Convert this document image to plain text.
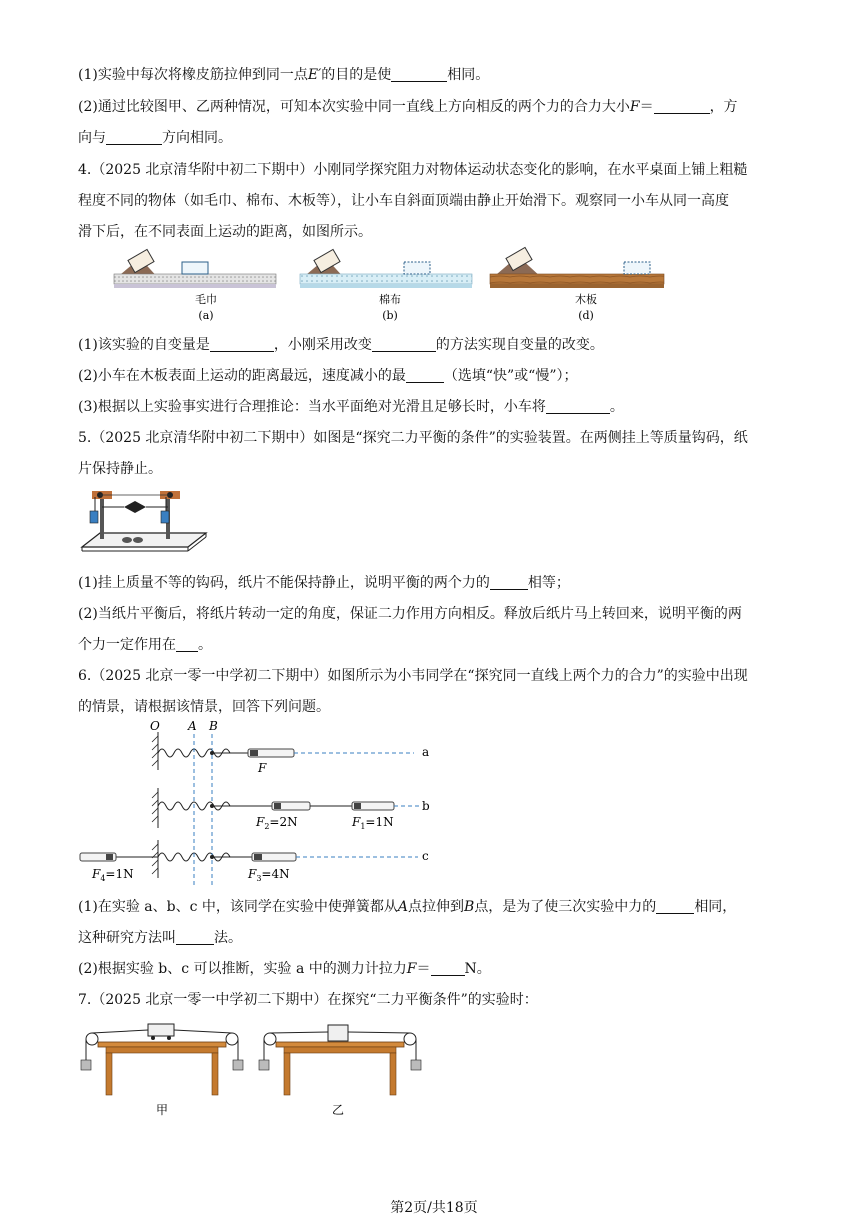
(1)实验中每次将橡皮筋拉伸到同一点E′的目的是使	相同。
(2)通过比较图甲、乙两种情况，可知本次实验中同一直线上方向相反的两个力的合力大小F＝	，方
向与	方向相同。
4.（2025 北京清华附中初二下期中）小刚同学探究阻力对物体运动状态变化的影响，在水平桌面上铺上粗糙
程度不同的物体（如毛巾、棉布、木板等），让小车自斜面顶端由静止开始滑下。观察同一小车从同一高度
滑下后，在不同表面上运动的距离，如图所示。
毛巾
(a)
棉布
(b)
木板
(d)
(1)该实验的自变量是	，小刚采用改变	的方法实现自变量的改变。
(2)小车在木板表面上运动的距离最远，速度减小的最	（选填“快”或“慢”）；
(3)根据以上实验事实进行合理推论：当水平面绝对光滑且足够长时，小车将	。
5.（2025 北京清华附中初二下期中）如图是“探究二力平衡的条件”的实验装置。在两侧挂上等质量钩码，纸
片保持静止。
(1)挂上质量不等的钩码，纸片不能保持静止，说明平衡的两个力的	相等；
(2)当纸片平衡后，将纸片转动一定的角度，保证二力作用方向相反。释放后纸片马上转回来，说明平衡的两
个力一定作用在 。
6.（2025 北京一零一中学初二下期中）如图所示为小韦同学在“探究同一直线上两个力的合力”的实验中出现
的情景，请根据该情景，回答下列问题。
O A B
F
a
$F_2=2N$	$F_1=1N$
b
$F_4=1N$	$F_3=4N$
c
(1)在实验 a、b、c 中，该同学在实验中使弹簧都从A点拉伸到B点，是为了使三次实验中力的	相同，
这种研究方法叫	法。
(2)根据实验 b、c 可以推断，实验 a 中的测力计拉力F＝ N。
7.（2025 北京一零一中学初二下期中）在探究“二力平衡条件”的实验时：
甲	乙
第2页/共18页
